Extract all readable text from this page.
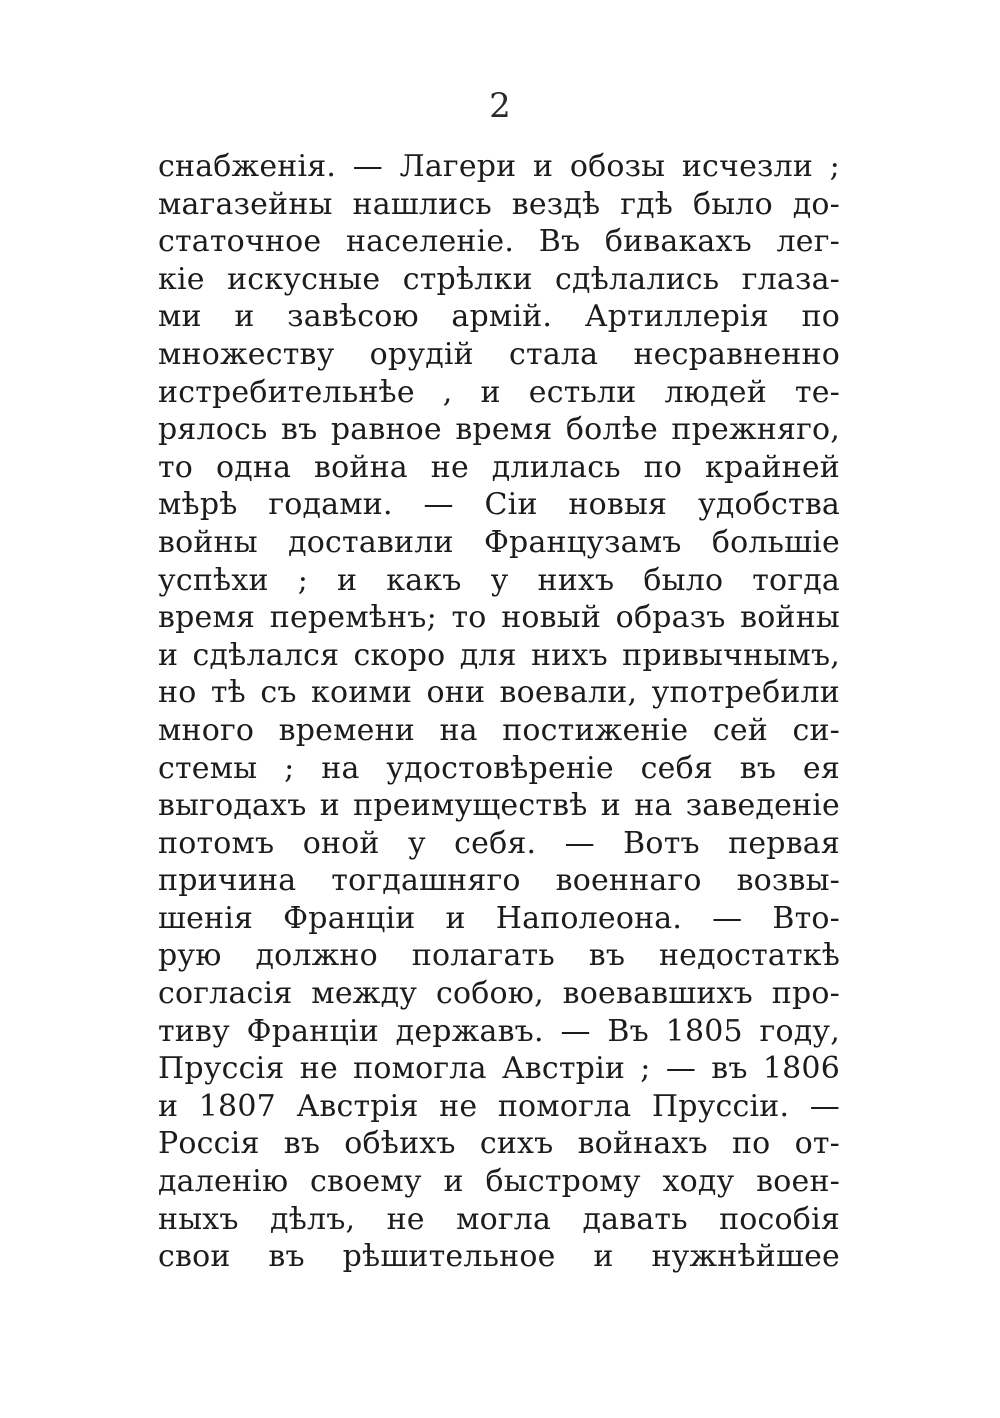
2
снабженія. — Лагери и обозы исчезли ;
магазейны нашлись вездѣ гдѣ было до-
статочное населеніе. Въ бивакахъ лег-
кіе искусные стрѣлки сдѣлались глаза-
ми и завѣсою армій. Артиллерія по
множеству орудій стала несравненно
истребительнѣе , и естьли людей те-
рялось въ равное время болѣе прежняго,
то одна война не длилась по крайней
мѣрѣ годами. — Сіи новыя удобства
войны доставили Французамъ большіе
успѣхи ; и какъ у нихъ было тогда
время перемѣнъ; то новый образъ войны
и сдѣлался скоро для нихъ привычнымъ,
но тѣ съ коими они воевали, употребили
много времени на постиженіе сей си-
стемы ; на удостовѣреніе себя въ ея
выгодахъ и преимуществѣ и на заведеніе
потомъ оной у себя. — Вотъ первая
причина тогдашняго военнаго возвы-
шенія Франціи и Наполеона. — Вто-
рую должно полагать въ недостаткѣ
согласія между собою, воевавшихъ про-
тиву Франціи державъ. — Въ 1805 году,
Пруссія не помогла Австріи ; — въ 1806
и 1807 Австрія не помогла Пруссіи. —
Россія въ обѣихъ сихъ войнахъ по от-
даленію своему и быстрому ходу воен-
ныхъ дѣлъ, не могла давать пособія
свои въ рѣшительное и нужнѣйшее
